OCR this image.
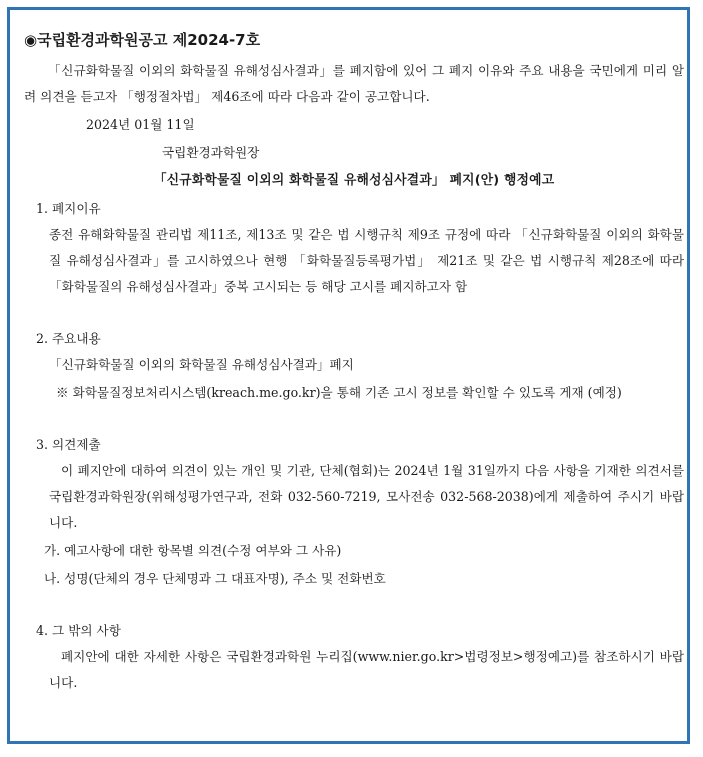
◉국립환경과학원공고 제2024-7호

「신규화학물질 이외의 화학물질 유해성심사결과」를 폐지함에 있어 그 폐지 이유와 주요 내용을 국민에게 미리 알려 의견을 듣고자 「행정절차법」 제46조에 따라 다음과 같이 공고합니다.

2024년 01월 11일

국립환경과학원장

「신규화학물질 이외의 화학물질 유해성심사결과」 폐지(안) 행정예고

1. 폐지이유

종전 유해화학물질 관리법 제11조, 제13조 및 같은 법 시행규칙 제9조 규정에 따라 「신규화학물질 이외의 화학물질 유해성심사결과」를 고시하였으나 현행 「화학물질등록평가법」 제21조 및 같은 법 시행규칙 제28조에 따라「화학물질의 유해성심사결과」중복 고시되는 등 해당 고시를 폐지하고자 함

2. 주요내용

「신규화학물질 이외의 화학물질 유해성심사결과」폐지

※ 화학물질정보처리시스템(kreach.me.go.kr)을 통해 기존 고시 정보를 확인할 수 있도록 게재 (예정)

3. 의견제출

이 폐지안에 대하여 의견이 있는 개인 및 기관, 단체(협회)는 2024년 1월 31일까지 다음 사항을 기재한 의견서를 국립환경과학원장(위해성평가연구과, 전화 032-560-7219, 모사전송 032-568-2038)에게 제출하여 주시기 바랍니다.

가. 예고사항에 대한 항목별 의견(수정 여부와 그 사유)

나. 성명(단체의 경우 단체명과 그 대표자명), 주소 및 전화번호

4. 그 밖의 사항

폐지안에 대한 자세한 사항은 국립환경과학원 누리집(www.nier.go.kr>법령정보>행정예고)를 참조하시기 바랍니다.
